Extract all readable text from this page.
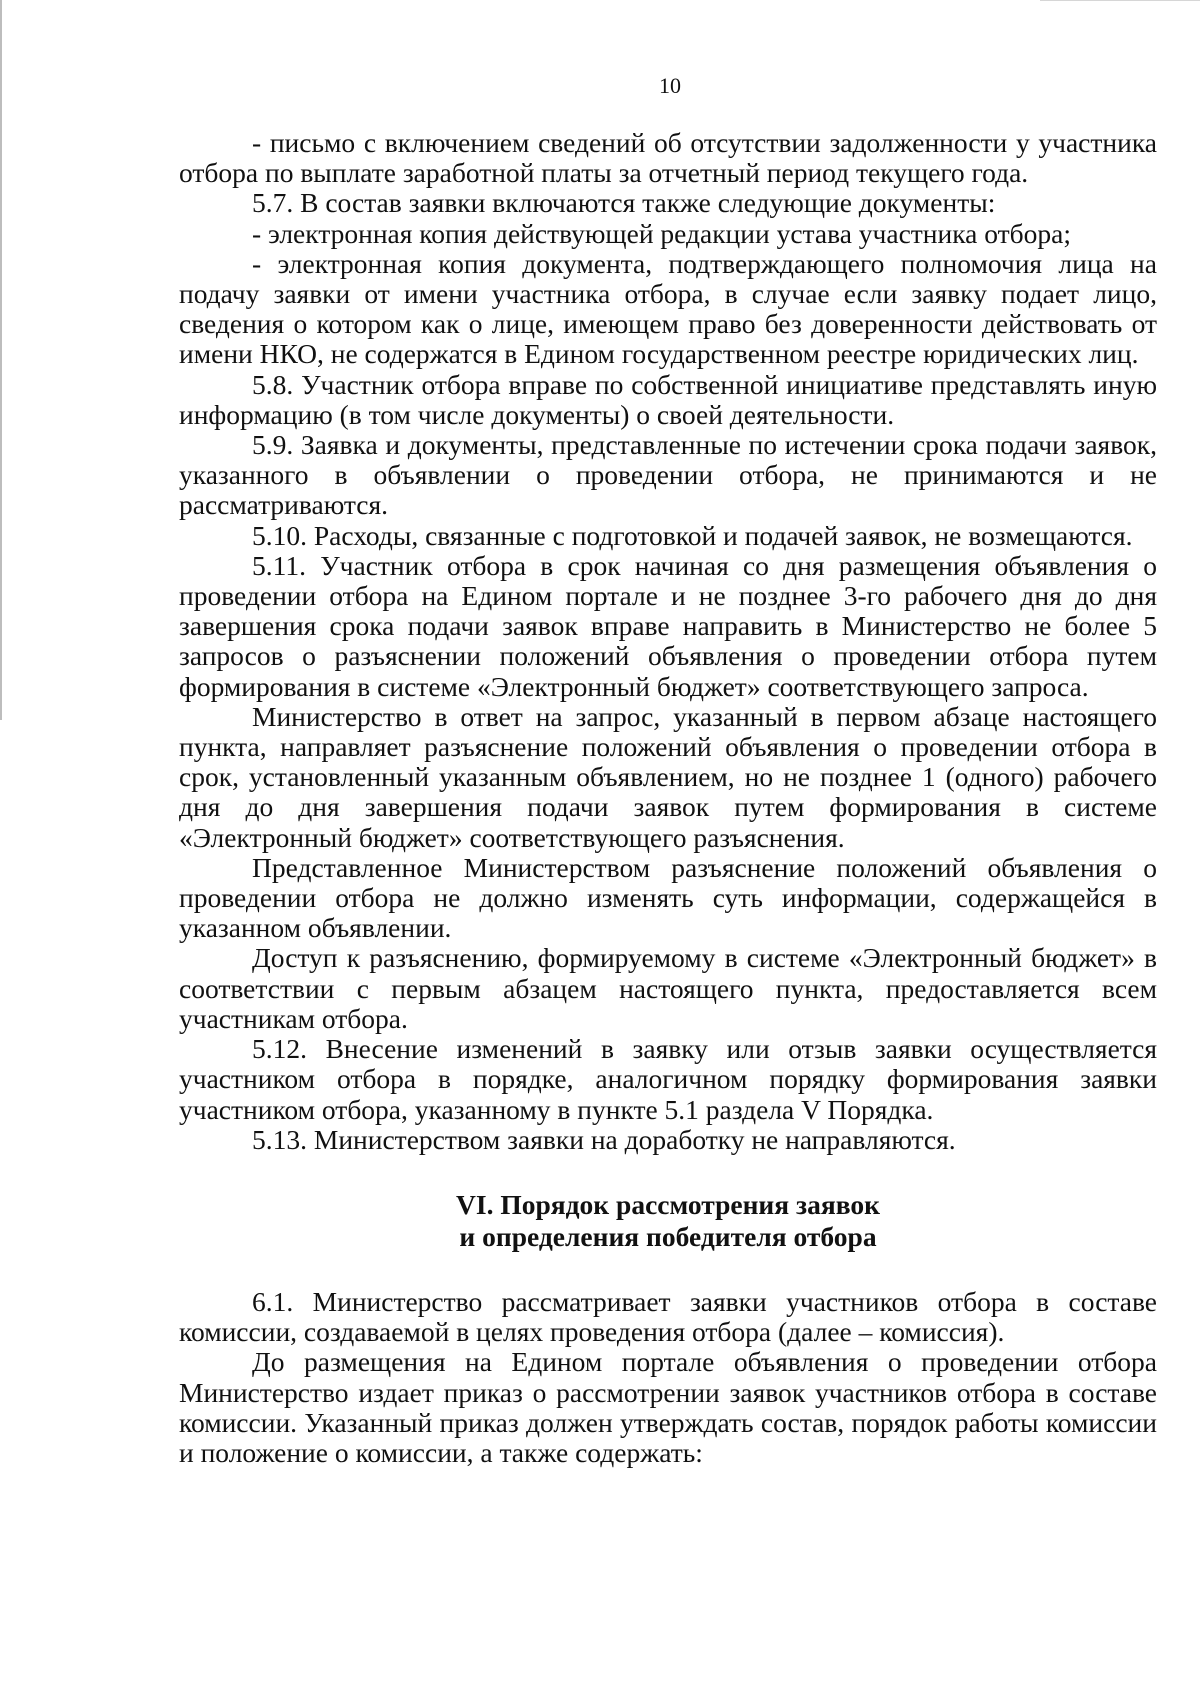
10

- письмо с включением сведений об отсутствии задолженности у участника отбора по выплате заработной платы за отчетный период текущего года.

5.7. В состав заявки включаются также следующие документы:

- электронная копия действующей редакции устава участника отбора;

- электронная копия документа, подтверждающего полномочия лица на подачу заявки от имени участника отбора, в случае если заявку подает лицо, сведения о котором как о лице, имеющем право без доверенности действовать от имени НКО, не содержатся в Едином государственном реестре юридических лиц.

5.8. Участник отбора вправе по собственной инициативе представлять иную информацию (в том числе документы) о своей деятельности.

5.9. Заявка и документы, представленные по истечении срока подачи заявок, указанного в объявлении о проведении отбора, не принимаются и не рассматриваются.

5.10. Расходы, связанные с подготовкой и подачей заявок, не возмещаются.

5.11. Участник отбора в срок начиная со дня размещения объявления о проведении отбора на Едином портале и не позднее 3-го рабочего дня до дня завершения срока подачи заявок вправе направить в Министерство не более 5 запросов о разъяснении положений объявления о проведении отбора путем формирования в системе «Электронный бюджет» соответствующего запроса.

Министерство в ответ на запрос, указанный в первом абзаце настоящего пункта, направляет разъяснение положений объявления о проведении отбора в срок, установленный указанным объявлением, но не позднее 1 (одного) рабочего дня до дня завершения подачи заявок путем формирования в системе «Электронный бюджет» соответствующего разъяснения.

Представленное Министерством разъяснение положений объявления о проведении отбора не должно изменять суть информации, содержащейся в указанном объявлении.

Доступ к разъяснению, формируемому в системе «Электронный бюджет» в соответствии с первым абзацем настоящего пункта, предоставляется всем участникам отбора.

5.12. Внесение изменений в заявку или отзыв заявки осуществляется участником отбора в порядке, аналогичном порядку формирования заявки участником отбора, указанному в пункте 5.1 раздела V Порядка.

5.13. Министерством заявки на доработку не направляются.

VI. Порядок рассмотрения заявок
и определения победителя отбора

6.1. Министерство рассматривает заявки участников отбора в составе комиссии, создаваемой в целях проведения отбора (далее – комиссия).

До размещения на Едином портале объявления о проведении отбора Министерство издает приказ о рассмотрении заявок участников отбора в составе комиссии. Указанный приказ должен утверждать состав, порядок работы комиссии и положение о комиссии, а также содержать:
